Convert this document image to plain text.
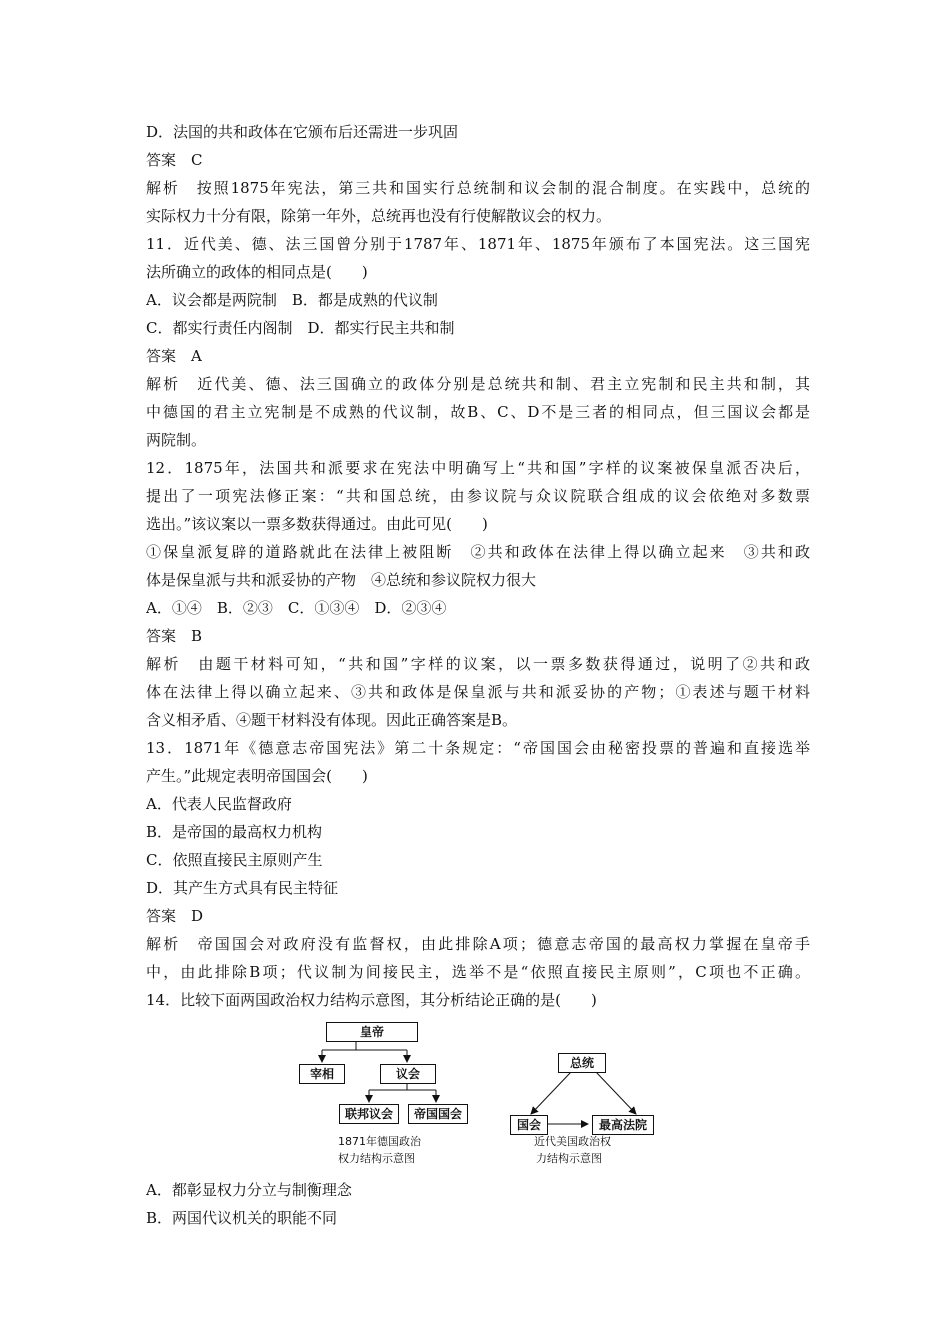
D．法国的共和政体在它颁布后还需进一步巩固
答案　C
解析　按照1875年宪法，第三共和国实行总统制和议会制的混合制度。在实践中，总统的
实际权力十分有限，除第一年外，总统再也没有行使解散议会的权力。
11．近代美、德、法三国曾分别于1787年、1871年、1875年颁布了本国宪法。这三国宪
法所确立的政体的相同点是(　　)
A．议会都是两院制　B．都是成熟的代议制
C．都实行责任内阁制　D．都实行民主共和制
答案　A
解析　近代美、德、法三国确立的政体分别是总统共和制、君主立宪制和民主共和制，其
中德国的君主立宪制是不成熟的代议制，故B、C、D不是三者的相同点，但三国议会都是
两院制。
12．1875年，法国共和派要求在宪法中明确写上“共和国”字样的议案被保皇派否决后，
提出了一项宪法修正案：“共和国总统，由参议院与众议院联合组成的议会依绝对多数票
选出。”该议案以一票多数获得通过。由此可见(　　)
①保皇派复辟的道路就此在法律上被阻断　②共和政体在法律上得以确立起来　③共和政
体是保皇派与共和派妥协的产物　④总统和参议院权力很大
A．①④　B．②③　C．①③④　D．②③④
答案　B
解析　由题干材料可知，“共和国”字样的议案，以一票多数获得通过，说明了②共和政
体在法律上得以确立起来、③共和政体是保皇派与共和派妥协的产物；①表述与题干材料
含义相矛盾、④题干材料没有体现。因此正确答案是B。
13．1871年《德意志帝国宪法》第二十条规定：“帝国国会由秘密投票的普遍和直接选举
产生。”此规定表明帝国国会(　　)
A．代表人民监督政府
B．是帝国的最高权力机构
C．依照直接民主原则产生
D．其产生方式具有民主特征
答案　D
解析　帝国国会对政府没有监督权，由此排除A项；德意志帝国的最高权力掌握在皇帝手
中，由此排除B项；代议制为间接民主，选举不是“依照直接民主原则”，C项也不正确。
14．比较下面两国政治权力结构示意图，其分析结论正确的是(　　)
皇帝
宰相	议会
联邦议会	帝国国会
1871年德国政治
权力结构示意图
总统
国会	最高法院
近代美国政治权
力结构示意图
A．都彰显权力分立与制衡理念
B．两国代议机关的职能不同
